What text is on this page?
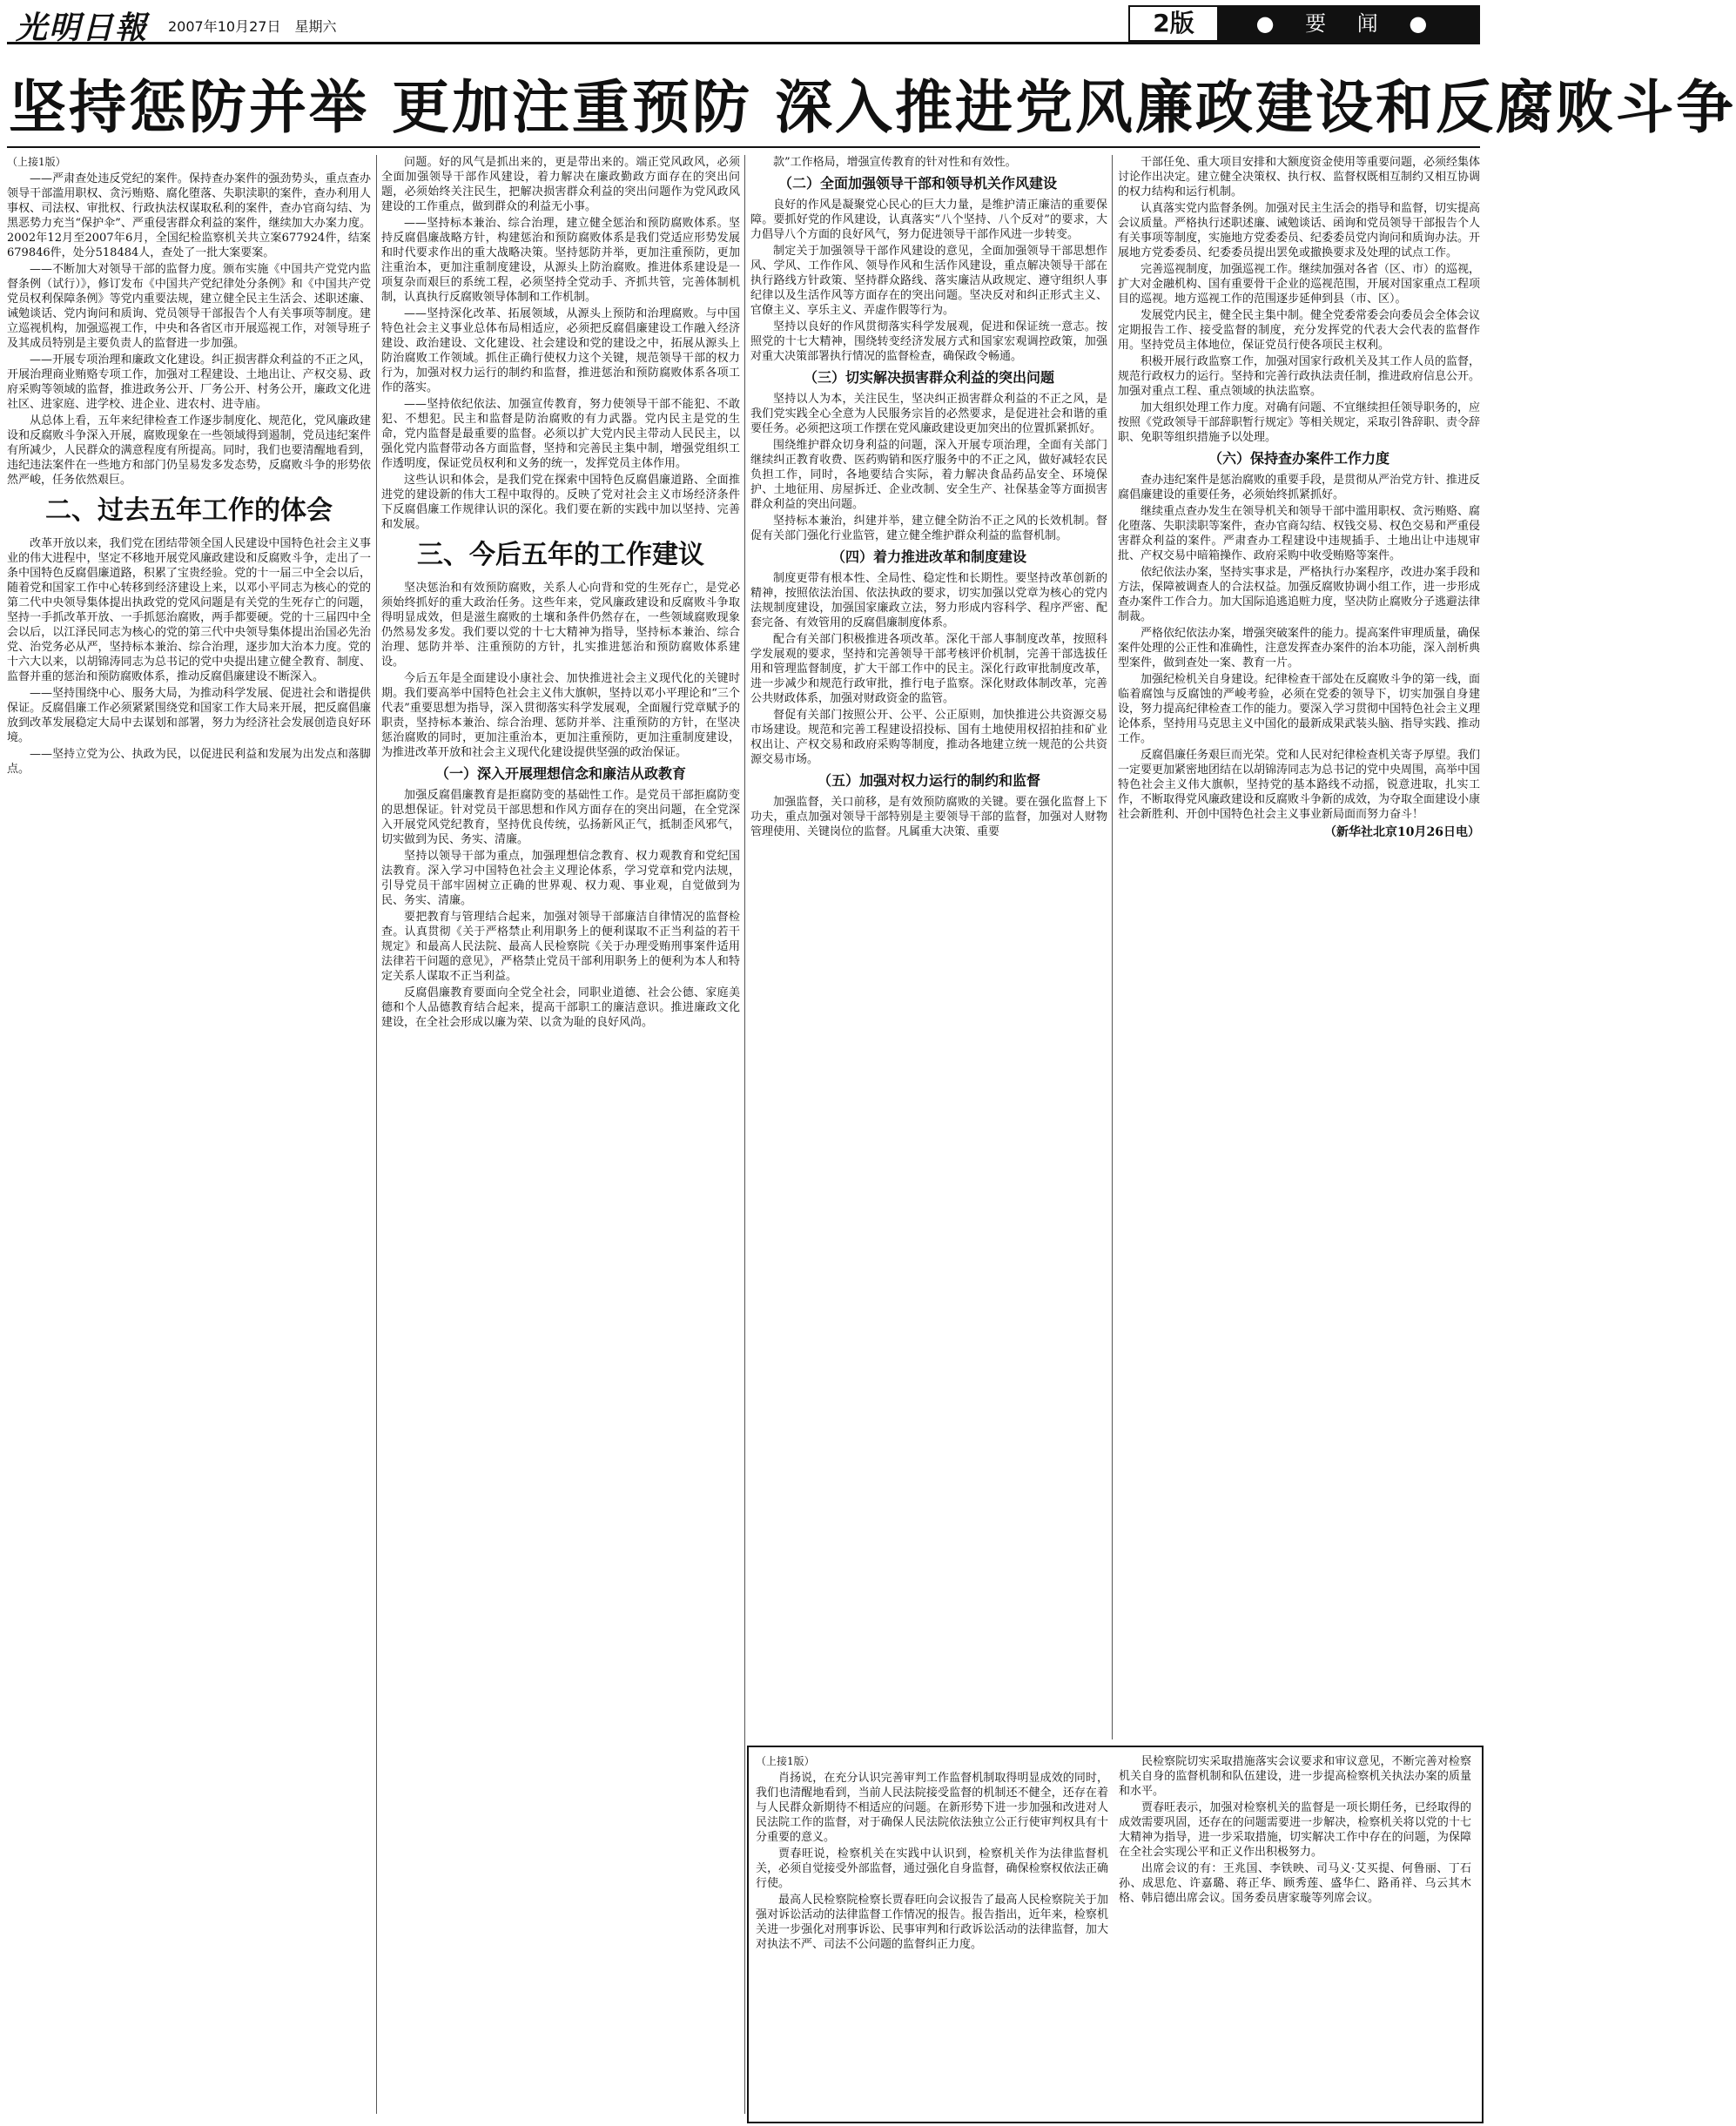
光明日報 2007年10月27日　星期六	2版	● 要 闻 ●
坚持惩防并举 更加注重预防 深入推进党风廉政建设和反腐败斗争

（上接1版）

——严肃查处违反党纪的案件。保持查办案件的强劲势头，重点查办领导干部滥用职权、贪污贿赂、腐化堕落、失职渎职的案件，查办利用人事权、司法权、审批权、行政执法权谋取私利的案件，查办官商勾结、为黑恶势力充当“保护伞”、严重侵害群众利益的案件，继续加大办案力度。2002年12月至2007年6月，全国纪检监察机关共立案677924件，结案679846件，处分518484人，查处了一批大案要案。

——不断加大对领导干部的监督力度。颁布实施《中国共产党党内监督条例（试行）》，修订发布《中国共产党纪律处分条例》和《中国共产党党员权利保障条例》等党内重要法规，建立健全民主生活会、述职述廉、诫勉谈话、党内询问和质询、党员领导干部报告个人有关事项等制度。建立巡视机构，加强巡视工作，中央和各省区市开展巡视工作，对领导班子及其成员特别是主要负责人的监督进一步加强。

——开展专项治理和廉政文化建设。纠正损害群众利益的不正之风，开展治理商业贿赂专项工作，加强对工程建设、土地出让、产权交易、政府采购等领域的监督，推进政务公开、厂务公开、村务公开，廉政文化进社区、进家庭、进学校、进企业、进农村、进寺庙。

从总体上看，五年来纪律检查工作逐步制度化、规范化，党风廉政建设和反腐败斗争深入开展，腐败现象在一些领域得到遏制，党员违纪案件有所减少，人民群众的满意程度有所提高。同时，我们也要清醒地看到，违纪违法案件在一些地方和部门仍呈易发多发态势，反腐败斗争的形势依然严峻，任务依然艰巨。

二、过去五年工作的体会

改革开放以来，我们党在团结带领全国人民建设中国特色社会主义事业的伟大进程中，坚定不移地开展党风廉政建设和反腐败斗争，走出了一条中国特色反腐倡廉道路，积累了宝贵经验。党的十一届三中全会以后，随着党和国家工作中心转移到经济建设上来，以邓小平同志为核心的党的第二代中央领导集体提出执政党的党风问题是有关党的生死存亡的问题，坚持一手抓改革开放、一手抓惩治腐败，两手都要硬。党的十三届四中全会以后，以江泽民同志为核心的党的第三代中央领导集体提出治国必先治党、治党务必从严，坚持标本兼治、综合治理，逐步加大治本力度。党的十六大以来，以胡锦涛同志为总书记的党中央提出建立健全教育、制度、监督并重的惩治和预防腐败体系，推动反腐倡廉建设不断深入。

——坚持围绕中心、服务大局，为推动科学发展、促进社会和谐提供保证。反腐倡廉工作必须紧紧围绕党和国家工作大局来开展，把反腐倡廉放到改革发展稳定大局中去谋划和部署，努力为经济社会发展创造良好环境。

——坚持立党为公、执政为民，以促进民利益和发展为出发点和落脚点。

问题。好的风气是抓出来的，更是带出来的。端正党风政风，必须全面加强领导干部作风建设，着力解决在廉政勤政方面存在的突出问题，必须始终关注民生，把解决损害群众利益的突出问题作为党风政风建设的工作重点，做到群众的利益无小事。

——坚持标本兼治、综合治理，建立健全惩治和预防腐败体系。坚持反腐倡廉战略方针，构建惩治和预防腐败体系是我们党适应形势发展和时代要求作出的重大战略决策。坚持惩防并举，更加注重预防，更加注重治本，更加注重制度建设，从源头上防治腐败。推进体系建设是一项复杂而艰巨的系统工程，必须坚持全党动手、齐抓共管，完善体制机制，认真执行反腐败领导体制和工作机制。

——坚持深化改革、拓展领域，从源头上预防和治理腐败。与中国特色社会主义事业总体布局相适应，必须把反腐倡廉建设工作融入经济建设、政治建设、文化建设、社会建设和党的建设之中，拓展从源头上防治腐败工作领域。抓住正确行使权力这个关键，规范领导干部的权力行为，加强对权力运行的制约和监督，推进惩治和预防腐败体系各项工作的落实。

——坚持依纪依法、加强宣传教育，努力使领导干部不能犯、不敢犯、不想犯。民主和监督是防治腐败的有力武器。党内民主是党的生命，党内监督是最重要的监督。必须以扩大党内民主带动人民民主，以强化党内监督带动各方面监督，坚持和完善民主集中制，增强党组织工作透明度，保证党员权利和义务的统一，发挥党员主体作用。

这些认识和体会，是我们党在探索中国特色反腐倡廉道路、全面推进党的建设新的伟大工程中取得的。反映了党对社会主义市场经济条件下反腐倡廉工作规律认识的深化。我们要在新的实践中加以坚持、完善和发展。

三、今后五年的工作建议

坚决惩治和有效预防腐败，关系人心向背和党的生死存亡，是党必须始终抓好的重大政治任务。这些年来，党风廉政建设和反腐败斗争取得明显成效，但是滋生腐败的土壤和条件仍然存在，一些领域腐败现象仍然易发多发。我们要以党的十七大精神为指导，坚持标本兼治、综合治理、惩防并举、注重预防的方针，扎实推进惩治和预防腐败体系建设。

今后五年是全面建设小康社会、加快推进社会主义现代化的关键时期。我们要高举中国特色社会主义伟大旗帜，坚持以邓小平理论和“三个代表”重要思想为指导，深入贯彻落实科学发展观，全面履行党章赋予的职责，坚持标本兼治、综合治理、惩防并举、注重预防的方针，在坚决惩治腐败的同时，更加注重治本，更加注重预防，更加注重制度建设，为推进改革开放和社会主义现代化建设提供坚强的政治保证。

（一）深入开展理想信念和廉洁从政教育

加强反腐倡廉教育是拒腐防变的基础性工作。是党员干部拒腐防变的思想保证。针对党员干部思想和作风方面存在的突出问题，在全党深入开展党风党纪教育，坚持优良传统，弘扬新风正气，抵制歪风邪气，切实做到为民、务实、清廉。

坚持以领导干部为重点，加强理想信念教育、权力观教育和党纪国法教育。深入学习中国特色社会主义理论体系，学习党章和党内法规，引导党员干部牢固树立正确的世界观、权力观、事业观，自觉做到为民、务实、清廉。

要把教育与管理结合起来，加强对领导干部廉洁自律情况的监督检查。认真贯彻《关于严格禁止利用职务上的便利谋取不正当利益的若干规定》和最高人民法院、最高人民检察院《关于办理受贿刑事案件适用法律若干问题的意见》，严格禁止党员干部利用职务上的便利为本人和特定关系人谋取不正当利益。

反腐倡廉教育要面向全党全社会，同职业道德、社会公德、家庭美德和个人品德教育结合起来，提高干部职工的廉洁意识。推进廉政文化建设，在全社会形成以廉为荣、以贪为耻的良好风尚。

款”工作格局，增强宣传教育的针对性和有效性。

（二）全面加强领导干部和领导机关作风建设

良好的作风是凝聚党心民心的巨大力量，是维护清正廉洁的重要保障。要抓好党的作风建设，认真落实“八个坚持、八个反对”的要求，大力倡导八个方面的良好风气，努力促进领导干部作风进一步转变。

制定关于加强领导干部作风建设的意见，全面加强领导干部思想作风、学风、工作作风、领导作风和生活作风建设，重点解决领导干部在执行路线方针政策、坚持群众路线、落实廉洁从政规定、遵守组织人事纪律以及生活作风等方面存在的突出问题。坚决反对和纠正形式主义、官僚主义、享乐主义、弄虚作假等行为。

坚持以良好的作风贯彻落实科学发展观，促进和保证统一意志。按照党的十七大精神，围绕转变经济发展方式和国家宏观调控政策，加强对重大决策部署执行情况的监督检查，确保政令畅通。

（三）切实解决损害群众利益的突出问题

坚持以人为本，关注民生，坚决纠正损害群众利益的不正之风，是我们党实践全心全意为人民服务宗旨的必然要求，是促进社会和谐的重要任务。必须把这项工作摆在党风廉政建设更加突出的位置抓紧抓好。

围绕维护群众切身利益的问题，深入开展专项治理，全面有关部门继续纠正教育收费、医药购销和医疗服务中的不正之风，做好减轻农民负担工作，同时，各地要结合实际，着力解决食品药品安全、环境保护、土地征用、房屋拆迁、企业改制、安全生产、社保基金等方面损害群众利益的突出问题。

坚持标本兼治，纠建并举，建立健全防治不正之风的长效机制。督促有关部门强化行业监管，建立健全维护群众利益的监督机制。

（四）着力推进改革和制度建设

制度更带有根本性、全局性、稳定性和长期性。要坚持改革创新的精神，按照依法治国、依法执政的要求，切实加强以党章为核心的党内法规制度建设，加强国家廉政立法，努力形成内容科学、程序严密、配套完备、有效管用的反腐倡廉制度体系。

配合有关部门积极推进各项改革。深化干部人事制度改革，按照科学发展观的要求，坚持和完善领导干部考核评价机制，完善干部选拔任用和管理监督制度，扩大干部工作中的民主。深化行政审批制度改革，进一步减少和规范行政审批，推行电子监察。深化财政体制改革，完善公共财政体系，加强对财政资金的监管。

督促有关部门按照公开、公平、公正原则，加快推进公共资源交易市场建设。规范和完善工程建设招投标、国有土地使用权招拍挂和矿业权出让、产权交易和政府采购等制度，推动各地建立统一规范的公共资源交易市场。

（五）加强对权力运行的制约和监督

加强监督，关口前移，是有效预防腐败的关键。要在强化监督上下功夫，重点加强对领导干部特别是主要领导干部的监督，加强对人财物管理使用、关键岗位的监督。凡属重大决策、重要

干部任免、重大项目安排和大额度资金使用等重要问题，必须经集体讨论作出决定。建立健全决策权、执行权、监督权既相互制约又相互协调的权力结构和运行机制。

认真落实党内监督条例。加强对民主生活会的指导和监督，切实提高会议质量。严格执行述职述廉、诫勉谈话、函询和党员领导干部报告个人有关事项等制度，实施地方党委委员、纪委委员党内询问和质询办法。开展地方党委委员、纪委委员提出罢免或撤换要求及处理的试点工作。

完善巡视制度，加强巡视工作。继续加强对各省（区、市）的巡视，扩大对金融机构、国有重要骨干企业的巡视范围，开展对国家重点工程项目的巡视。地方巡视工作的范围逐步延伸到县（市、区）。

发展党内民主，健全民主集中制。健全党委常委会向委员会全体会议定期报告工作、接受监督的制度，充分发挥党的代表大会代表的监督作用。坚持党员主体地位，保证党员行使各项民主权利。

积极开展行政监察工作，加强对国家行政机关及其工作人员的监督，规范行政权力的运行。坚持和完善行政执法责任制，推进政府信息公开。加强对重点工程、重点领域的执法监察。

加大组织处理工作力度。对确有问题、不宜继续担任领导职务的，应按照《党政领导干部辞职暂行规定》等相关规定，采取引咎辞职、责令辞职、免职等组织措施予以处理。

（六）保持查办案件工作力度

查办违纪案件是惩治腐败的重要手段，是贯彻从严治党方针、推进反腐倡廉建设的重要任务，必须始终抓紧抓好。

继续重点查办发生在领导机关和领导干部中滥用职权、贪污贿赂、腐化堕落、失职渎职等案件，查办官商勾结、权钱交易、权色交易和严重侵害群众利益的案件。严肃查办工程建设中违规插手、土地出让中违规审批、产权交易中暗箱操作、政府采购中收受贿赂等案件。

依纪依法办案，坚持实事求是，严格执行办案程序，改进办案手段和方法，保障被调查人的合法权益。加强反腐败协调小组工作，进一步形成查办案件工作合力。加大国际追逃追赃力度，坚决防止腐败分子逃避法律制裁。

严格依纪依法办案，增强突破案件的能力。提高案件审理质量，确保案件处理的公正性和准确性，注意发挥查办案件的治本功能，深入剖析典型案件，做到查处一案、教育一片。

加强纪检机关自身建设。纪律检查干部处在反腐败斗争的第一线，面临着腐蚀与反腐蚀的严峻考验，必须在党委的领导下，切实加强自身建设，努力提高纪律检查工作的能力。要深入学习贯彻中国特色社会主义理论体系，坚持用马克思主义中国化的最新成果武装头脑、指导实践、推动工作。

反腐倡廉任务艰巨而光荣。党和人民对纪律检查机关寄予厚望。我们一定要更加紧密地团结在以胡锦涛同志为总书记的党中央周围，高举中国特色社会主义伟大旗帜，坚持党的基本路线不动摇，锐意进取，扎实工作，不断取得党风廉政建设和反腐败斗争新的成效，为夺取全面建设小康社会新胜利、开创中国特色社会主义事业新局面而努力奋斗！

（新华社北京10月26日电）

（上接1版）

肖扬说，在充分认识完善审判工作监督机制取得明显成效的同时，我们也清醒地看到，当前人民法院接受监督的机制还不健全，还存在着与人民群众新期待不相适应的问题。在新形势下进一步加强和改进对人民法院工作的监督，对于确保人民法院依法独立公正行使审判权具有十分重要的意义。

贾春旺说，检察机关在实践中认识到，检察机关作为法律监督机关，必须自觉接受外部监督，通过强化自身监督，确保检察权依法正确行使。

最高人民检察院检察长贾春旺向会议报告了最高人民检察院关于加强对诉讼活动的法律监督工作情况的报告。报告指出，近年来，检察机关进一步强化对刑事诉讼、民事审判和行政诉讼活动的法律监督，加大对执法不严、司法不公问题的监督纠正力度。

民检察院切实采取措施落实会议要求和审议意见，不断完善对检察机关自身的监督机制和队伍建设，进一步提高检察机关执法办案的质量和水平。

贾春旺表示，加强对检察机关的监督是一项长期任务，已经取得的成效需要巩固，还存在的问题需要进一步解决，检察机关将以党的十七大精神为指导，进一步采取措施，切实解决工作中存在的问题，为保障在全社会实现公平和正义作出积极努力。

出席会议的有：王兆国、李铁映、司马义·艾买提、何鲁丽、丁石孙、成思危、许嘉璐、蒋正华、顾秀莲、盛华仁、路甬祥、乌云其木格、韩启德出席会议。国务委员唐家璇等列席会议。
